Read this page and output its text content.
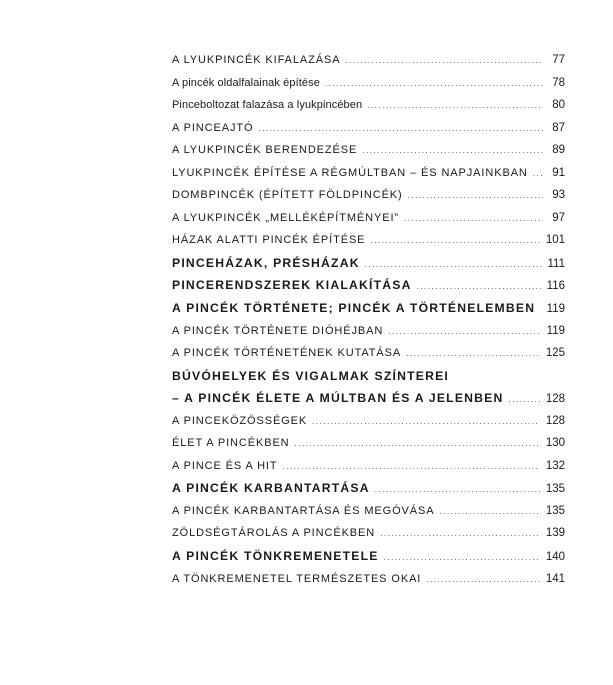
A LYUKPINCÉK KIFALAZÁSA .....	77
A pincék oldalfalainak építése .....	78
Pinceboltozat falazása a lyukpincében .....	80
A PINCEAJTÓ .....	87
A LYUKPINCÉK BERENDEZÉSE .....	89
LYUKPINCÉK ÉPÍTÉSE A RÉGMÚLTBAN – ÉS NAPJAINKBAN ..... 91
DOMBPINCÉK (ÉPÍTETT FÖLDPINCÉK) .....	93
A LYUKPINCÉK „MELLÉKÉPÍTMÉNYEI” .....	97
HÁZAK ALATTI PINCÉK ÉPÍTÉSE .....	101
PINCEHÁZAK, PRÉSHÁZAK .....	111
PINCERENDSZEREK KIALAKÍTÁSA .....	116
A PINCÉK TÖRTÉNETE; PINCÉK A TÖRTÉNELEMBEN ..... 119
A PINCÉK TÖRTÉNETE DIÓHÉJBAN .....	119
A PINCÉK TÖRTÉNETÉNEK KUTATÁSA .....	125
BÚVÓHELYEK ÉS VIGALMAK SZÍNTEREI
– A PINCÉK ÉLETE A MÚLTBAN ÉS A JELENBEN .....	128
A PINCEKÖZÖSSÉGEK .....	128
ÉLET A PINCÉKBEN .....	130
A PINCE ÉS A HIT .....	132
A PINCÉK KARBANTARTÁSA .....	135
A PINCÉK KARBANTARTÁSA ÉS MEGÓVÁSA .....	135
ZÖLDSÉGTÁROLÁS A PINCÉKBEN .....	139
A PINCÉK TÖNKREMENETELE .....	140
A TÖNKREMENETEL TERMÉSZETES OKAI .....	141
